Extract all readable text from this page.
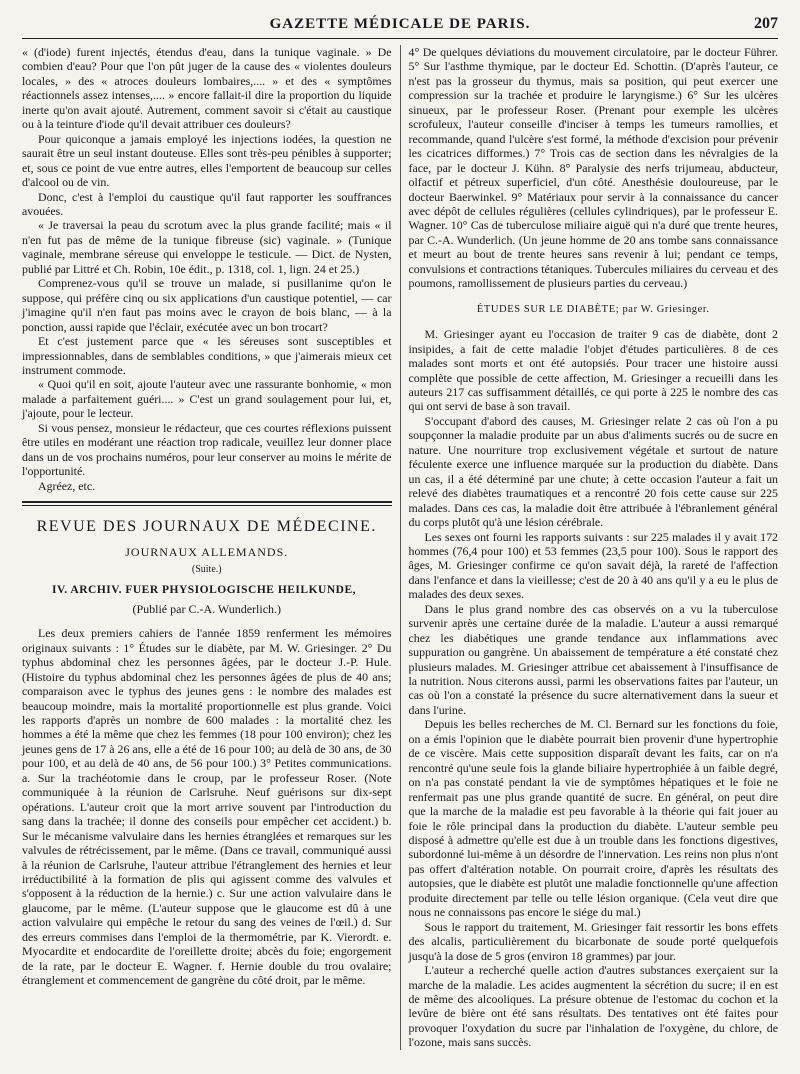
GAZETTE MÉDICALE DE PARIS.	207

« (d'iode) furent injectés, étendus d'eau, dans la tunique vaginale. » De combien d'eau? Pour que l'on pût juger de la cause des « violentes douleurs locales, » des « atroces douleurs lombaires,.... » et des « symptômes réactionnels assez intenses,.... » encore fallait-il dire la proportion du liquide inerte qu'on avait ajouté. Autrement, comment savoir si c'était au caustique ou à la teinture d'iode qu'il devait attribuer ces douleurs?

Pour quiconque a jamais employé les injections iodées, la question ne saurait être un seul instant douteuse. Elles sont très-peu pénibles à supporter; et, sous ce point de vue entre autres, elles l'emportent de beaucoup sur celles d'alcool ou de vin.

Donc, c'est à l'emploi du caustique qu'il faut rapporter les souffrances avouées.

« Je traversai la peau du scrotum avec la plus grande facilité; mais « il n'en fut pas de même de la tunique fibreuse (sic) vaginale. » (Tunique vaginale, membrane séreuse qui enveloppe le testicule. — Dict. de Nysten, publié par Littré et Ch. Robin, 10e édit., p. 1318, col. 1, lign. 24 et 25.)

Comprenez-vous qu'il se trouve un malade, si pusillanime qu'on le suppose, qui préfère cinq ou six applications d'un caustique potentiel, — car j'imagine qu'il n'en faut pas moins avec le crayon de bois blanc, — à la ponction, aussi rapide que l'éclair, exécutée avec un bon trocart?

Et c'est justement parce que « les séreuses sont susceptibles et impressionnables, dans de semblables conditions, » que j'aimerais mieux cet instrument commode.

« Quoi qu'il en soit, ajoute l'auteur avec une rassurante bonhomie, « mon malade a parfaitement guéri.... » C'est un grand soulagement pour lui, et, j'ajoute, pour le lecteur.

Si vous pensez, monsieur le rédacteur, que ces courtes réflexions puissent être utiles en modérant une réaction trop radicale, veuillez leur donner place dans un de vos prochains numéros, pour leur conserver au moins le mérite de l'opportunité.

Agréez, etc.

REVUE DES JOURNAUX DE MÉDECINE.
JOURNAUX ALLEMANDS.
(Suite.)
IV. ARCHIV. FUER PHYSIOLOGISCHE HEILKUNDE,
(Publié par C.-A. Wunderlich.)

Les deux premiers cahiers de l'année 1859 renferment les mémoires originaux suivants : 1° Études sur le diabète, par M. W. Griesinger. 2° Du typhus abdominal chez les personnes âgées, par le docteur J.-P. Hule. (Histoire du typhus abdominal chez les personnes âgées de plus de 40 ans; comparaison avec le typhus des jeunes gens : le nombre des malades est beaucoup moindre, mais la mortalité proportionnelle est plus grande. Voici les rapports d'après un nombre de 600 malades : la mortalité chez les hommes a été la même que chez les femmes (18 pour 100 environ); chez les jeunes gens de 17 à 26 ans, elle a été de 16 pour 100; au delà de 30 ans, de 30 pour 100, et au delà de 40 ans, de 56 pour 100.) 3° Petites communications. a. Sur la trachéotomie dans le croup, par le professeur Roser. (Note communiquée à la réunion de Carlsruhe. Neuf guérisons sur dix-sept opérations. L'auteur croit que la mort arrive souvent par l'introduction du sang dans la trachée; il donne des conseils pour empêcher cet accident.) b. Sur le mécanisme valvulaire dans les hernies étranglées et remarques sur les valvules de rétrécissement, par le même. (Dans ce travail, communiqué aussi à la réunion de Carlsruhe, l'auteur attribue l'étranglement des hernies et leur irréductibilité à la formation de plis qui agissent comme des valvules et s'opposent à la réduction de la hernie.) c. Sur une action valvulaire dans le glaucome, par le même. (L'auteur suppose que le glaucome est dû à une action valvulaire qui empêche le retour du sang des veines de l'œil.) d. Sur des erreurs commises dans l'emploi de la thermométrie, par K. Vierordt. e. Myocardite et endocardite de l'oreillette droite; abcès du foie; engorgement de la rate, par le docteur E. Wagner. f. Hernie double du trou ovalaire; étranglement et commencement de gangrène du côté droit, par le même.

4° De quelques déviations du mouvement circulatoire, par le docteur Führer. 5° Sur l'asthme thymique, par le docteur Ed. Schottin. (D'après l'auteur, ce n'est pas la grosseur du thymus, mais sa position, qui peut exercer une compression sur la trachée et produire le laryngisme.) 6° Sur les ulcères sinueux, par le professeur Roser. (Prenant pour exemple les ulcères scrofuleux, l'auteur conseille d'inciser à temps les tumeurs ramollies, et recommande, quand l'ulcère s'est formé, la méthode d'excision pour prévenir les cicatrices difformes.) 7° Trois cas de section dans les névralgies de la face, par le docteur J. Kühn. 8° Paralysie des nerfs trijumeau, abducteur, olfactif et pétreux superficiel, d'un côté. Anesthésie douloureuse, par le docteur Baerwinkel. 9° Matériaux pour servir à la connaissance du cancer avec dépôt de cellules régulières (cellules cylindriques), par le professeur E. Wagner. 10° Cas de tuberculose miliaire aiguë qui n'a duré que trente heures, par C.-A. Wunderlich. (Un jeune homme de 20 ans tombe sans connaissance et meurt au bout de trente heures sans revenir à lui; pendant ce temps, convulsions et contractions tétaniques. Tubercules miliaires du cerveau et des poumons, ramollissement de plusieurs parties du cerveau.)

ÉTUDES SUR LE DIABÈTE; par W. Griesinger.

M. Griesinger ayant eu l'occasion de traiter 9 cas de diabète, dont 2 insipides, a fait de cette maladie l'objet d'études particulières. 8 de ces malades sont morts et ont été autopsiés. Pour tracer une histoire aussi complète que possible de cette affection, M. Griesinger a recueilli dans les auteurs 217 cas suffisamment détaillés, ce qui porte à 225 le nombre des cas qui ont servi de base à son travail.

S'occupant d'abord des causes, M. Griesinger relate 2 cas où l'on a pu soupçonner la maladie produite par un abus d'aliments sucrés ou de sucre en nature. Une nourriture trop exclusivement végétale et surtout de nature féculente exerce une influence marquée sur la production du diabète. Dans un cas, il a été déterminé par une chute; à cette occasion l'auteur a fait un relevé des diabètes traumatiques et a rencontré 20 fois cette cause sur 225 malades. Dans ces cas, la maladie doit être attribuée à l'ébranlement général du corps plutôt qu'à une lésion cérébrale.

Les sexes ont fourni les rapports suivants : sur 225 malades il y avait 172 hommes (76,4 pour 100) et 53 femmes (23,5 pour 100). Sous le rapport des âges, M. Griesinger confirme ce qu'on savait déjà, la rareté de l'affection dans l'enfance et dans la vieillesse; c'est de 20 à 40 ans qu'il y a eu le plus de malades des deux sexes.

Dans le plus grand nombre des cas observés on a vu la tuberculose survenir après une certaine durée de la maladie. L'auteur a aussi remarqué chez les diabétiques une grande tendance aux inflammations avec suppuration ou gangrène. Un abaissement de température a été constaté chez plusieurs malades. M. Griesinger attribue cet abaissement à l'insuffisance de la nutrition. Nous citerons aussi, parmi les observations faites par l'auteur, un cas où l'on a constaté la présence du sucre alternativement dans la sueur et dans l'urine.

Depuis les belles recherches de M. Cl. Bernard sur les fonctions du foie, on a émis l'opinion que le diabète pourrait bien provenir d'une hypertrophie de ce viscère. Mais cette supposition disparaît devant les faits, car on n'a rencontré qu'une seule fois la glande biliaire hypertrophiée à un faible degré, on n'a pas constaté pendant la vie de symptômes hépatiques et le foie ne renfermait pas une plus grande quantité de sucre. En général, on peut dire que la marche de la maladie est peu favorable à la théorie qui fait jouer au foie le rôle principal dans la production du diabète. L'auteur semble peu disposé à admettre qu'elle est due à un trouble dans les fonctions digestives, subordonné lui-même à un désordre de l'innervation. Les reins non plus n'ont pas offert d'altération notable. On pourrait croire, d'après les résultats des autopsies, que le diabète est plutôt une maladie fonctionnelle qu'une affection produite directement par telle ou telle lésion organique. (Cela veut dire que nous ne connaissons pas encore le siége du mal.)

Sous le rapport du traitement, M. Griesinger fait ressortir les bons effets des alcalis, particulièrement du bicarbonate de soude porté quelquefois jusqu'à la dose de 5 gros (environ 18 grammes) par jour.

L'auteur a recherché quelle action d'autres substances exerçaient sur la marche de la maladie. Les acides augmentent la sécrétion du sucre; il en est de même des alcooliques. La présure obtenue de l'estomac du cochon et la levûre de bière ont été sans résultats. Des tentatives ont été faites pour provoquer l'oxydation du sucre par l'inhalation de l'oxygène, du chlore, de l'ozone, mais sans succès.
